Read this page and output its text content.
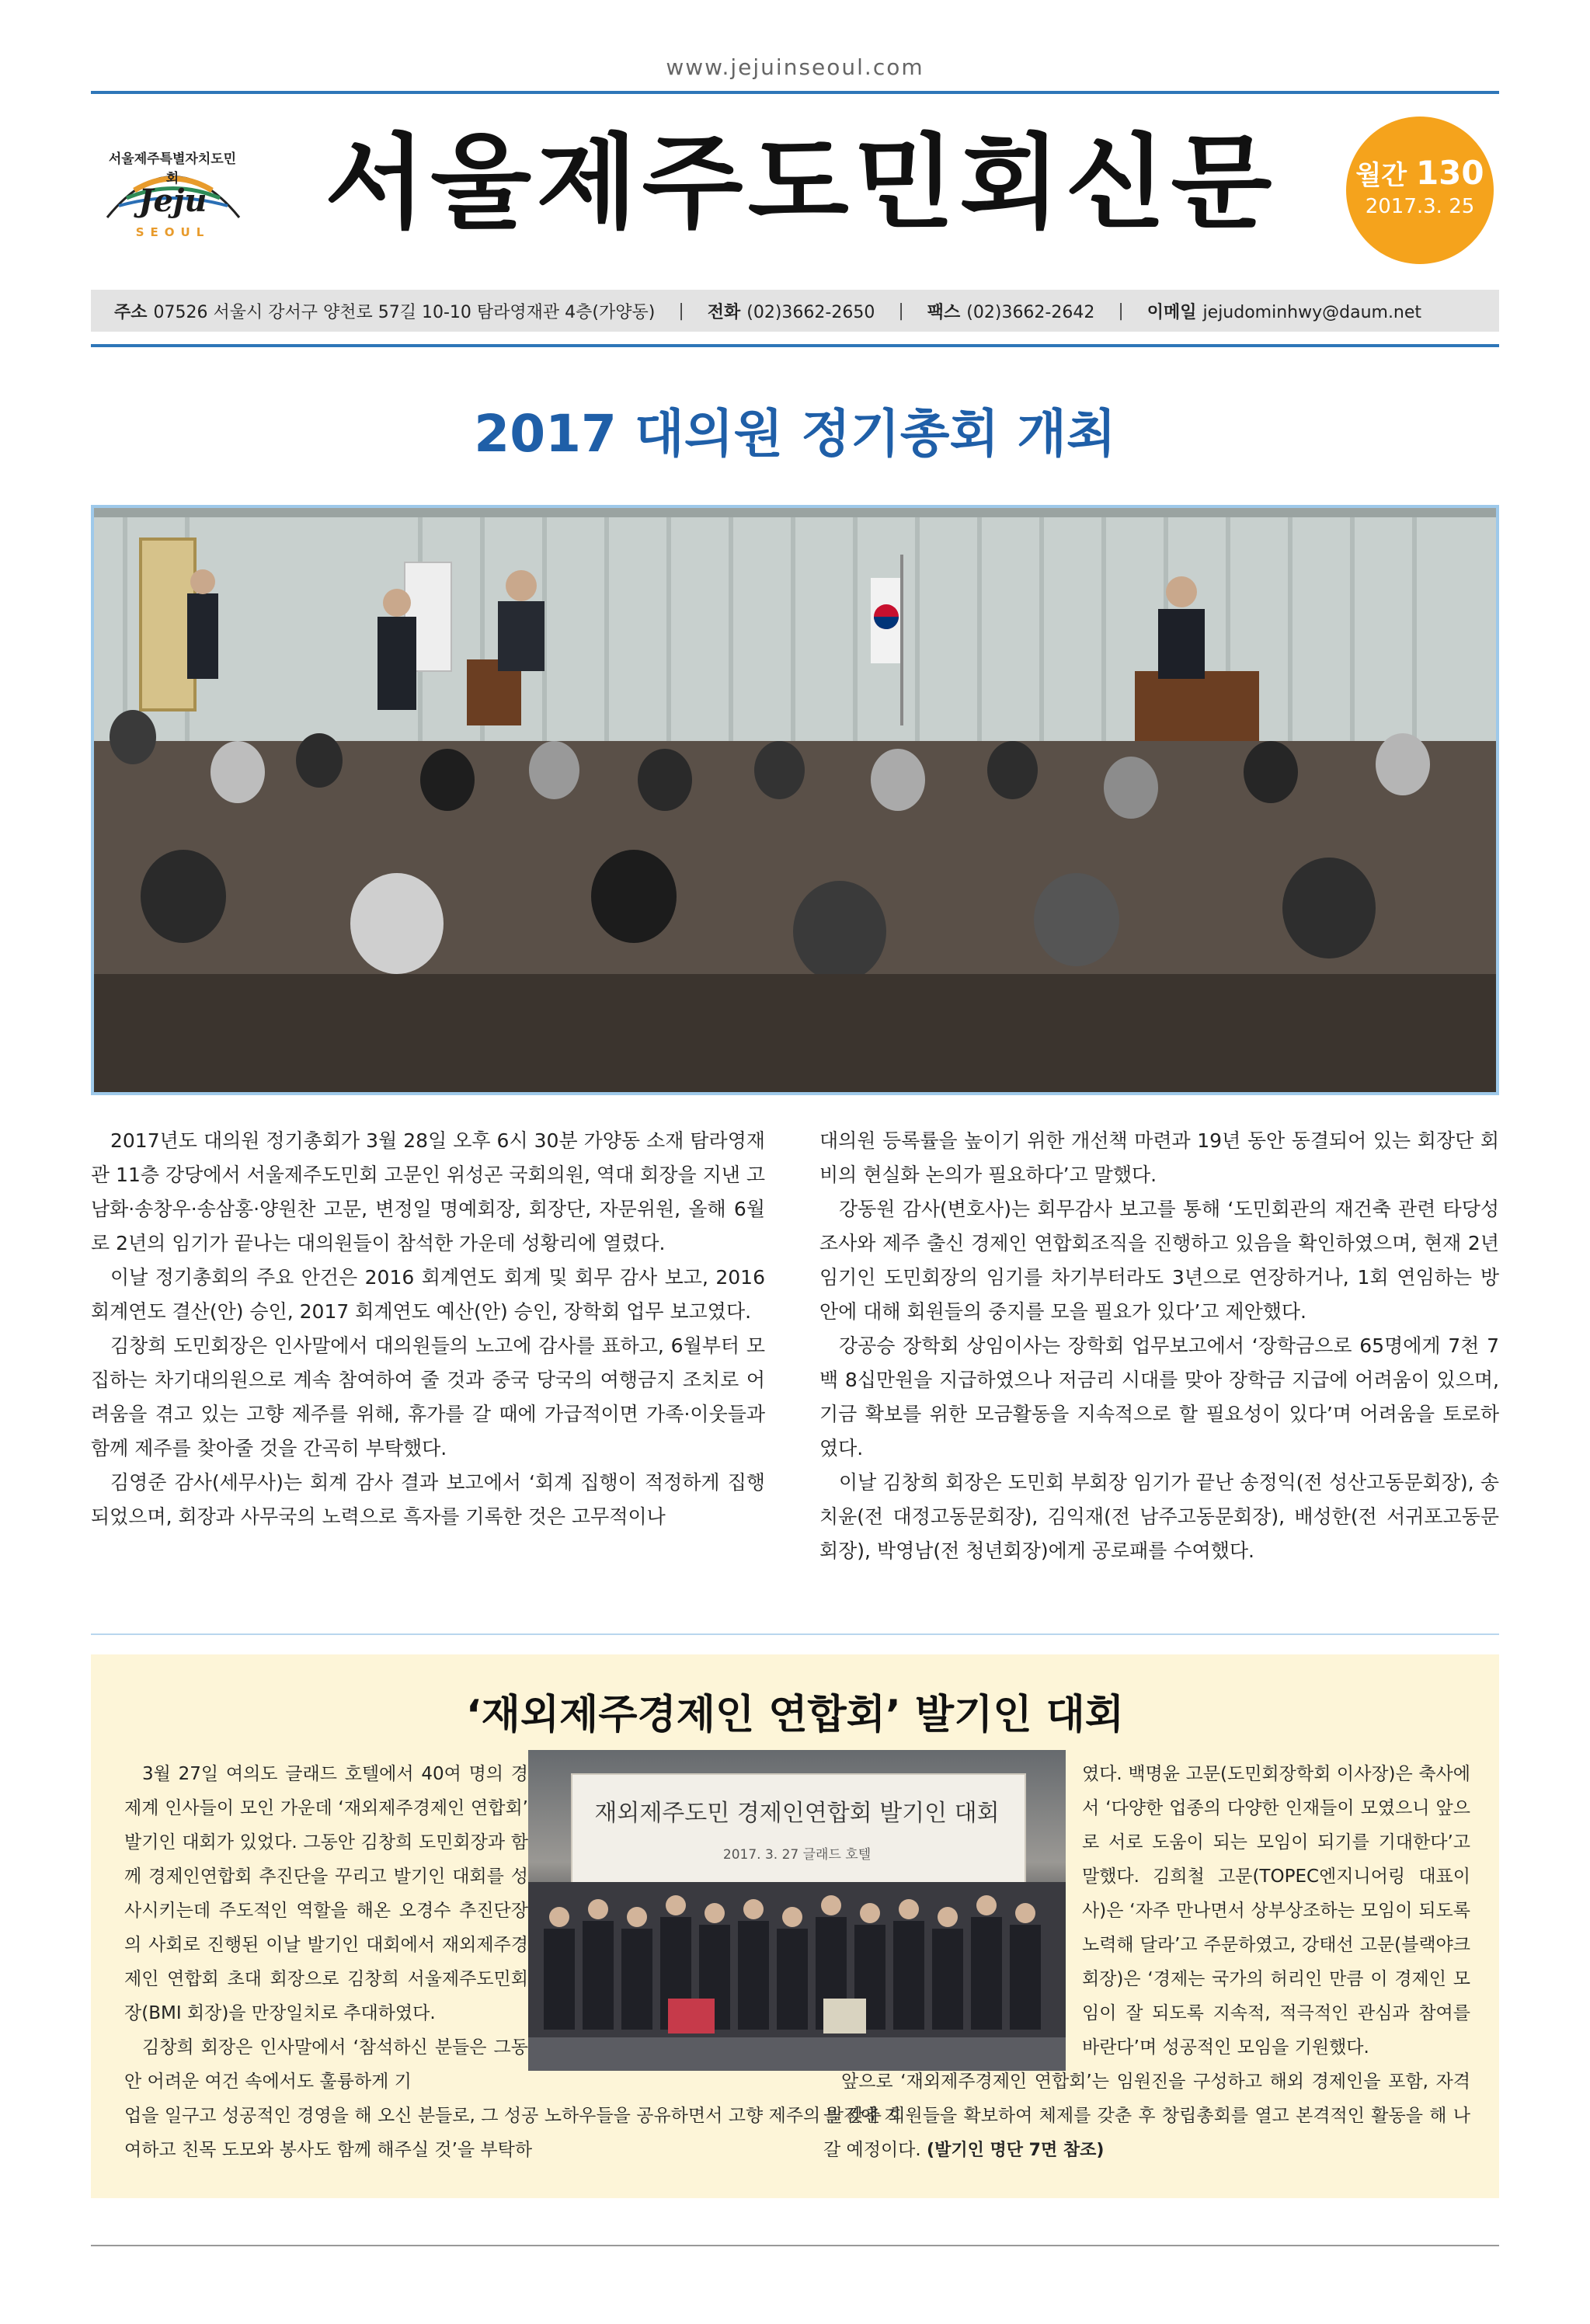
www.jejuinseoul.com
서울제주특별자치도민회
Jeju
SEOUL 서울제주도민회신문	월간 130
2017.3. 25
주소 07526 서울시 강서구 양천로 57길 10-10 탐라영재관 4층(가양동)	|	전화 (02)3662-2650	|	팩스 (02)3662-2642	|	이메일 jejudominhwy@daum.net
2017 대의원 정기총회 개최

2017년도 대의원 정기총회가 3월 28일 오후 6시 30분 가양동 소재 탐라영재관 11층 강당에서 서울제주도민회 고문인 위성곤 국회의원, 역대 회장을 지낸 고남화·송창우·송삼홍·양원찬 고문, 변정일 명예회장, 회장단, 자문위원, 올해 6월로 2년의 임기가 끝나는 대의원들이 참석한 가운데 성황리에 열렸다.

이날 정기총회의 주요 안건은 2016 회계연도 회계 및 회무 감사 보고, 2016 회계연도 결산(안) 승인, 2017 회계연도 예산(안) 승인, 장학회 업무 보고였다.

김창희 도민회장은 인사말에서 대의원들의 노고에 감사를 표하고, 6월부터 모집하는 차기대의원으로 계속 참여하여 줄 것과 중국 당국의 여행금지 조치로 어려움을 겪고 있는 고향 제주를 위해, 휴가를 갈 때에 가급적이면 가족·이웃들과 함께 제주를 찾아줄 것을 간곡히 부탁했다.

김영준 감사(세무사)는 회계 감사 결과 보고에서 ‘회계 집행이 적정하게 집행되었으며, 회장과 사무국의 노력으로 흑자를 기록한 것은 고무적이나

대의원 등록률을 높이기 위한 개선책 마련과 19년 동안 동결되어 있는 회장단 회비의 현실화 논의가 필요하다’고 말했다.

강동원 감사(변호사)는 회무감사 보고를 통해 ‘도민회관의 재건축 관련 타당성 조사와 제주 출신 경제인 연합회조직을 진행하고 있음을 확인하였으며, 현재 2년 임기인 도민회장의 임기를 차기부터라도 3년으로 연장하거나, 1회 연임하는 방안에 대해 회원들의 중지를 모을 필요가 있다’고 제안했다.

강공승 장학회 상임이사는 장학회 업무보고에서 ‘장학금으로 65명에게 7천 7백 8십만원을 지급하였으나 저금리 시대를 맞아 장학금 지급에 어려움이 있으며, 기금 확보를 위한 모금활동을 지속적으로 할 필요성이 있다’며 어려움을 토로하였다.

이날 김창희 회장은 도민회 부회장 임기가 끝난 송정익(전 성산고동문회장), 송치윤(전 대정고동문회장), 김익재(전 남주고동문회장), 배성한(전 서귀포고동문회장), 박영남(전 청년회장)에게 공로패를 수여했다.

‘재외제주경제인 연합회’ 발기인 대회

3월 27일 여의도 글래드 호텔에서 40여 명의 경제계 인사들이 모인 가운데 ‘재외제주경제인 연합회’ 발기인 대회가 있었다. 그동안 김창희 도민회장과 함께 경제인연합회 추진단을 꾸리고 발기인 대회를 성사시키는데 주도적인 역할을 해온 오경수 추진단장의 사회로 진행된 이날 발기인 대회에서 재외제주경제인 연합회 초대 회장으로 김창희 서울제주도민회장(BMI 회장)을 만장일치로 추대하였다.

김창희 회장은 인사말에서 ‘참석하신 분들은 그동안 어려운 여건 속에서도 훌륭하게 기

업을 일구고 성공적인 경영을 해 오신 분들로, 그 성공 노하우들을 공유하면서 고향 제주의 발전에 기여하고 친목 도모와 봉사도 함께 해주실 것’을 부탁하

재외제주도민 경제인연합회 발기인 대회
2017. 3. 27 글래드 호텔

였다. 백명윤 고문(도민회장학회 이사장)은 축사에서 ‘다양한 업종의 다양한 인재들이 모였으니 앞으로 서로 도움이 되는 모임이 되기를 기대한다’고 말했다. 김희철 고문(TOPEC엔지니어링 대표이사)은 ‘자주 만나면서 상부상조하는 모임이 되도록 노력해 달라’고 주문하였고, 강태선 고문(블랙야크 회장)은 ‘경제는 국가의 허리인 만큼 이 경제인 모임이 잘 되도록 지속적, 적극적인 관심과 참여를 바란다’며 성공적인 모임을 기원했다.

앞으로 ‘재외제주경제인 연합회’는 임원진을 구성하고 해외 경제인을 포함, 자격을 갖춘 회원들을 확보하여 체제를 갖춘 후 창립총회를 열고 본격적인 활동을 해 나갈 예정이다. (발기인 명단 7면 참조)
